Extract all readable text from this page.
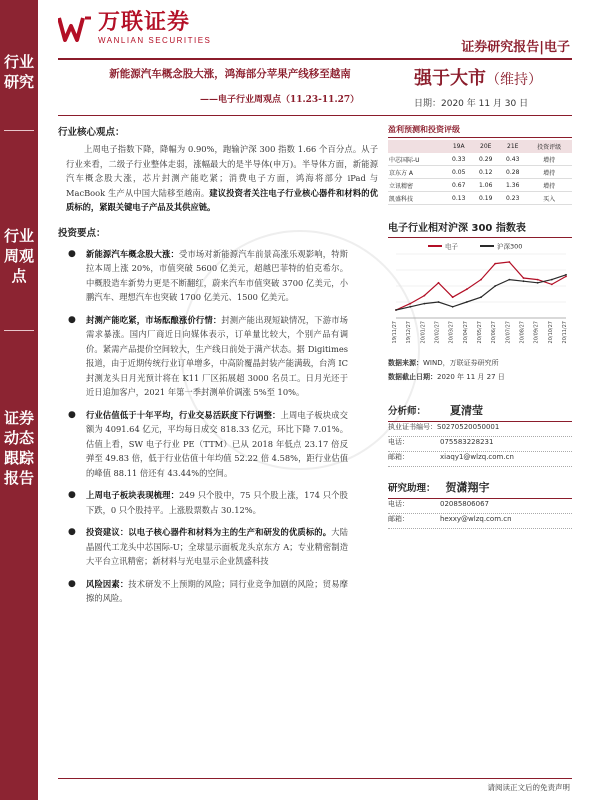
行业研究
行业周观点
证券动态跟踪报告
万联证券
WANLIAN SECURITIES	证券研究报告|电子
新能源汽车概念股大涨，鸿海部分苹果产线移至越南
——电子行业周观点（11.23-11.27）
强于大市（维持）
日期：2020 年 11 月 30 日
行业核心观点：

上周电子指数下降，降幅为 0.90%，跑输沪深 300 指数 1.66 个百分点。从子行业来看，二级子行业整体走弱，涨幅最大的是半导体(申万)。半导体方面，新能源汽车概念股大涨，芯片封测产能吃紧；消费电子方面，鸿海将部分 iPad 与 MacBook 生产从中国大陆移至越南。建议投资者关注电子行业核心器件和材料的优质标的，紧跟关键电子产品及其供应链。

投资要点：
●	新能源汽车概念股大涨：受市场对新能源汽车前景高涨乐观影响，特斯拉本周上涨 20%，市值突破 5600 亿美元，超越巴菲特的伯克希尔。中概股造车新势力更是不断翻红，蔚来汽车市值突破 3700 亿美元，小鹏汽车、理想汽车也突破 1700 亿美元、1500 亿美元。

●	封测产能吃紧，市场酝酿涨价行情：封测产能出现短缺情况，下游市场需求暴涨。国内厂商近日向媒体表示，订单量比较大，个别产品有调价。紧需产品提价空间较大，生产线日前处于满产状态。据 Digitimes 报道，由于近期传统行业订单增多，中高阶覆晶封装产能满载，台湾 IC 封测龙头日月光预计将在 K11 厂区拓展超 3000 名员工。日月光还于近日追加客户，2021 年第一季封测单价调涨 5%至 10%。

●	行业估值低于十年平均，行业交易活跃度下行调整：上周电子板块成交额为 4091.64 亿元，平均每日成交 818.33 亿元，环比下降 7.01%。估值上看，SW 电子行业 PE（TTM）已从 2018 年低点 23.17 倍反弹至 49.83 倍，低于行业估值十年均值 52.22 倍 4.58%，距行业估值的峰值 88.11 倍还有 43.44%的空间。

●	上周电子板块表现梳理：249 只个股中，75 只个股上涨，174 只个股下跌，0 只个股持平。上涨股票数占 30.12%。

●	投资建议：以电子核心器件和材料为主的生产和研发的优质标的。大陆晶圆代工龙头中芯国际-U；全球显示面板龙头京东方 A；专业精密制造大平台立讯精密；新材料与光电显示企业凯盛科技

●	风险因素：技术研发不上预期的风险；同行业竞争加剧的风险；贸易摩擦的风险。

盈利预测和投资评级
	19A	20E	21E	投资评级
中芯国际-U	0.33	0.29	0.43	增持
京东方 A	0.05	0.12	0.28	增持
立讯精密	0.67	1.06	1.36	增持
凯盛科技	0.13	0.19	0.23	买入
电子行业相对沪深 300 指数表
电子	沪深300
19/11/27 19/12/27 20/01/27 20/02/27 20/03/27 20/04/27 20/05/27 20/06/27 20/07/27 20/08/27 20/09/27 20/10/27 20/11/27
数据来源：WIND，万联证券研究所
数据截止日期：2020 年 11 月 27 日
分析师： 夏清莹
执业证书编号： S0270520050001
电话：	075583228231
邮箱：	xiaqy1@wlzq.com.cn
研究助理： 贺潇翔宇
电话：	02085806067
邮箱：	hexxy@wlzq.com.cn
请阅读正文后的免责声明
